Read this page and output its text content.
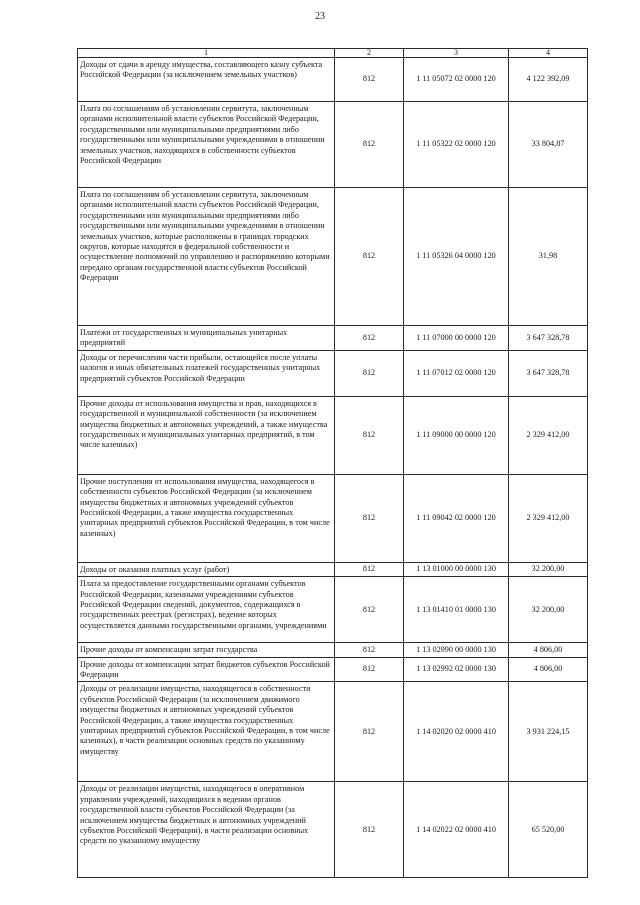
23
1	2	3	4
Доходы от сдачи в аренду имущества, составляющего казну субъекта Российской Федерации (за исключением земельных участков)	812	1 11 05072 02 0000 120	4 122 392,09
Плата по соглашениям об установлении сервитута, заключенным органами исполнительной власти субъектов Российской Федерации, государственными или муниципальными предприятиями либо государственными или муниципальными учреждениями в отношении земельных участков, находящихся в собственности субъектов Российской Федерации	812	1 11 05322 02 0000 120	33 804,87
Плата по соглашениям об установлении сервитута, заключенным органами исполнительной власти субъектов Российской Федерации, государственными или муниципальными предприятиями либо государственными или муниципальными учреждениями в отношении земельных участков, которые расположены в границах городских округов, которые находятся в федеральной собственности и осуществление полномочий по управлению и распоряжению которыми передано органам государственной власти субъектов Российской Федерации	812	1 11 05326 04 0000 120	31,98
Платежи от государственных и муниципальных унитарных предприятий	812	1 11 07000 00 0000 120	3 647 328,78
Доходы от перечисления части прибыли, остающейся после уплаты налогов и иных обязательных платежей государственных унитарных предприятий субъектов Российской Федерации	812	1 11 07012 02 0000 120	3 647 328,78
Прочие доходы от использования имущества и прав, находящихся в государственной и муниципальной собственности (за исключением имущества бюджетных и автономных учреждений, а также имущества государственных и муниципальных унитарных предприятий, в том числе казенных)	812	1 11 09000 00 0000 120	2 329 412,00
Прочие поступления от использования имущества, находящегося в собственности субъектов Российской Федерации (за исключением имущества бюджетных и автономных учреждений субъектов Российской Федерации, а также имущества государственных унитарных предприятий субъектов Российской Федерации, в том числе казенных)	812	1 11 09042 02 0000 120	2 329 412,00
Доходы от оказания платных услуг (работ)	812	1 13 01000 00 0000 130	32 200,00
Плата за предоставление государственными органами субъектов Российской Федерации, казенными учреждениями субъектов Российской Федерации сведений, документов, содержащихся в государственных реестрах (регистрах), ведение которых осуществляется данными государственными органами, учреждениями	812	1 13 01410 01 0000 130	32 200,00
Прочие доходы от компенсации затрат государства	812	1 13 02990 00 0000 130	4 806,00
Прочие доходы от компенсации затрат бюджетов субъектов Российской Федерации	812	1 13 02992 02 0000 130	4 806,00
Доходы от реализации имущества, находящегося в собственности субъектов Российской Федерации (за исключением движимого имущества бюджетных и автономных учреждений субъектов Российской Федерации, а также имущества государственных унитарных предприятий субъектов Российской Федерации, в том числе казенных), в части реализации основных средств по указанному имуществу	812	1 14 02020 02 0000 410	3 931 224,15
Доходы от реализации имущества, находящегося в оперативном управлении учреждений, находящихся в ведении органов государственной власти субъектов Российской Федерации (за исключением имущества бюджетных и автономных учреждений субъектов Российской Федерации), в части реализации основных средств по указанному имуществу	812	1 14 02022 02 0000 410	65 520,00
